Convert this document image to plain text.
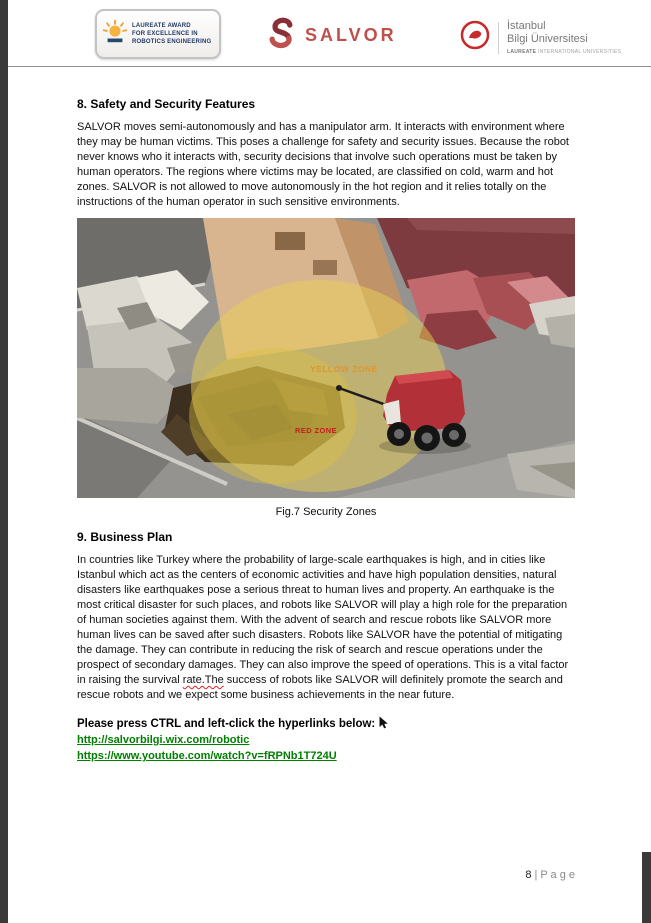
LAUREATE AWARD
FOR EXCELLENCE IN
ROBOTICS ENGINEERING	SALVOR	İstanbul
Bilgi Üniversitesi
LAUREATE INTERNATIONAL UNIVERSITIES
8. Safety and Security Features

SALVOR moves semi-autonomously and has a manipulator arm. It interacts with environment where they may be human victims. This poses a challenge for safety and security issues. Because the robot never knows who it interacts with, security decisions that involve such operations must be taken by human operators. The regions where victims may be located, are classified on cold, warm and hot zones. SALVOR is not allowed to move autonomously in the hot region and it relies totally on the instructions of the human operator in such sensitive environments.

YELLOW ZONE
RED ZONE
Fig.7 Security Zones
9. Business Plan

In countries like Turkey where the probability of large-scale earthquakes is high, and in cities like Istanbul which act as the centers of economic activities and have high population densities, natural disasters like earthquakes pose a serious threat to human lives and property. An earthquake is the most critical disaster for such places, and robots like SALVOR will play a high role for the preparation of human societies against them. With the advent of search and rescue robots like SALVOR more human lives can be saved after such disasters. Robots like SALVOR have the potential of mitigating the damage. They can contribute in reducing the risk of search and rescue operations under the prospect of secondary damages. They can also improve the speed of operations. This is a vital factor in raising the survival rate.The success of robots like SALVOR will definitely promote the search and rescue robots and we expect some business achievements in the near future.

Please press CTRL and left-click the hyperlinks below:
http://salvorbilgi.wix.com/robotic
https://www.youtube.com/watch?v=fRPNb1T724U
8 | P a g e
